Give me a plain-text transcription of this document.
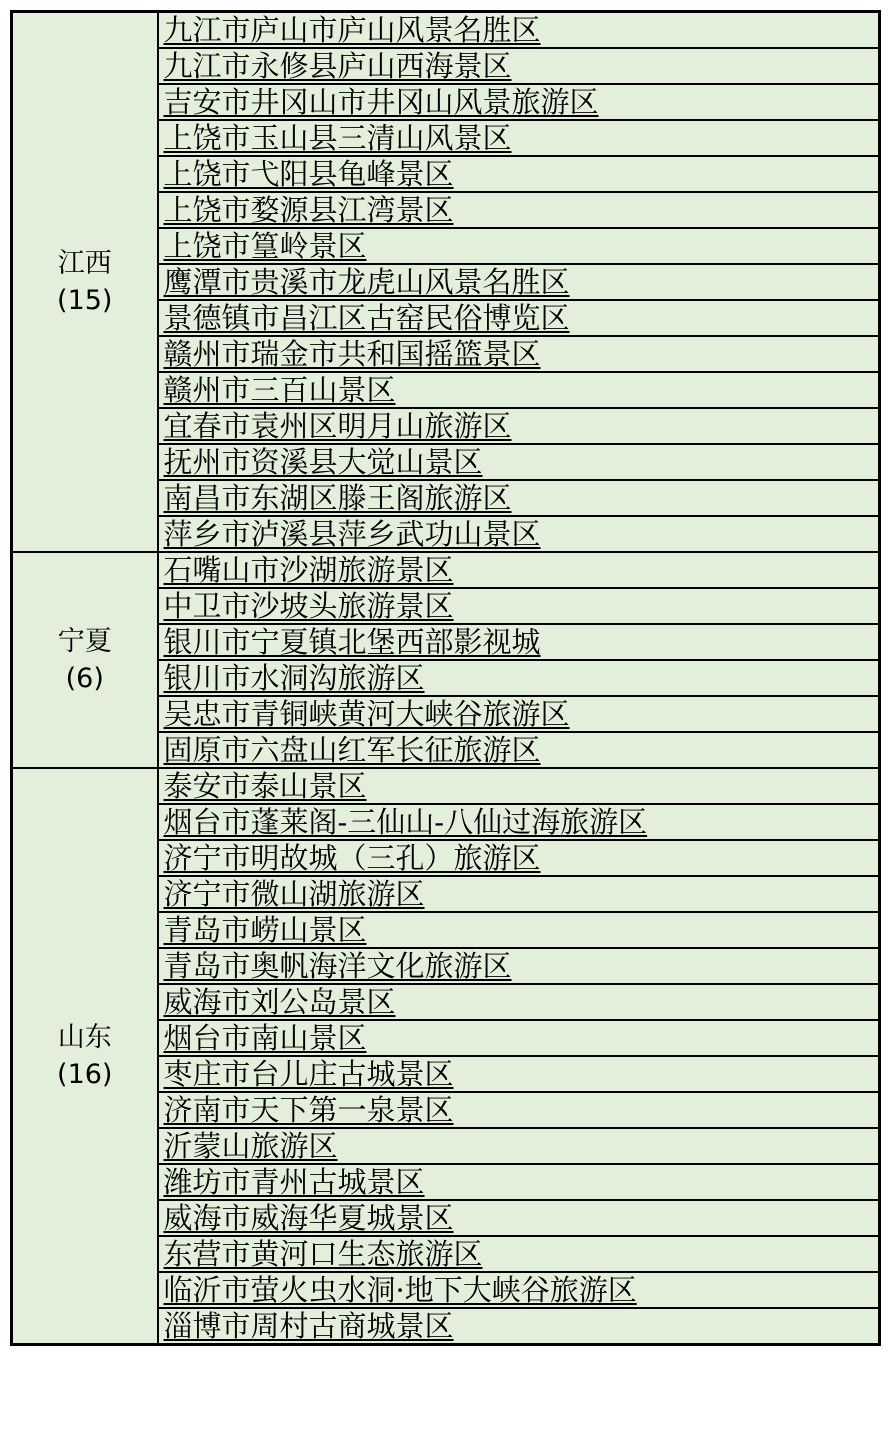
江西
(15)	九江市庐山市庐山风景名胜区
	九江市永修县庐山西海景区
	吉安市井冈山市井冈山风景旅游区
	上饶市玉山县三清山风景区
	上饶市弋阳县龟峰景区
	上饶市婺源县江湾景区
	上饶市篁岭景区
	鹰潭市贵溪市龙虎山风景名胜区
	景德镇市昌江区古窑民俗博览区
	赣州市瑞金市共和国摇篮景区
	赣州市三百山景区
	宜春市袁州区明月山旅游区
	抚州市资溪县大觉山景区
	南昌市东湖区滕王阁旅游区
	萍乡市泸溪县萍乡武功山景区

宁夏
(6)	石嘴山市沙湖旅游景区
	中卫市沙坡头旅游景区
	银川市宁夏镇北堡西部影视城
	银川市水洞沟旅游区
	吴忠市青铜峡黄河大峡谷旅游区
	固原市六盘山红军长征旅游区

山东
(16)	泰安市泰山景区
	烟台市蓬莱阁-三仙山-八仙过海旅游区
	济宁市明故城（三孔）旅游区
	济宁市微山湖旅游区
	青岛市崂山景区
	青岛市奥帆海洋文化旅游区
	威海市刘公岛景区
	烟台市南山景区
	枣庄市台儿庄古城景区
	济南市天下第一泉景区
	沂蒙山旅游区
	潍坊市青州古城景区
	威海市威海华夏城景区
	东营市黄河口生态旅游区
	临沂市萤火虫水洞·地下大峡谷旅游区
	淄博市周村古商城景区
